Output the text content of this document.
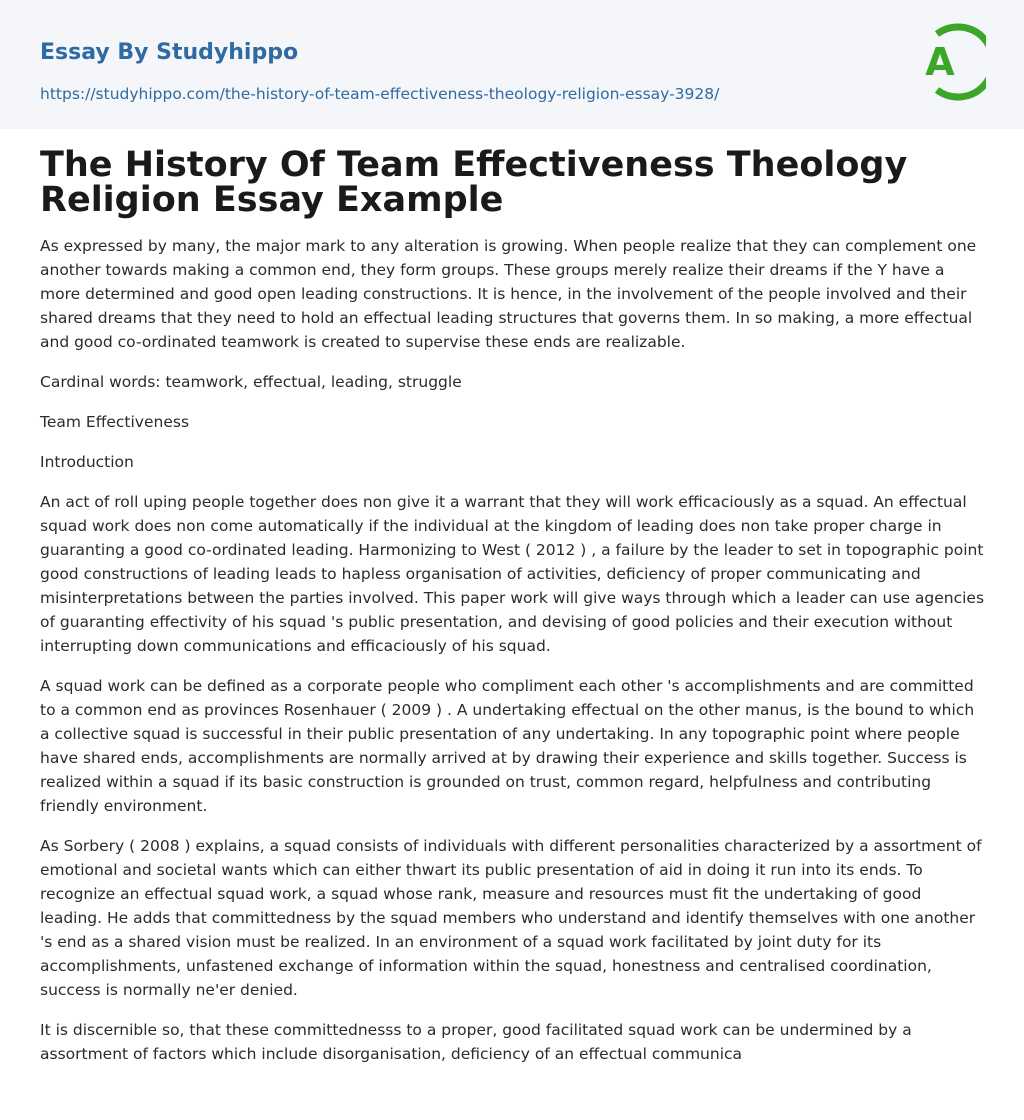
Essay By Studyhippo
https://studyhippo.com/the-history-of-team-effectiveness-theology-religion-essay-3928/
A
The History Of Team Effectiveness Theology Religion Essay Example

As expressed by many, the major mark to any alteration is growing. When people realize that they can complement one another towards making a common end, they form groups. These groups merely realize their dreams if the Y have a more determined and good open leading constructions. It is hence, in the involvement of the people involved and their shared dreams that they need to hold an effectual leading structures that governs them. In so making, a more effectual and good co-ordinated teamwork is created to supervise these ends are realizable.

Cardinal words: teamwork, effectual, leading, struggle

Team Effectiveness

Introduction

An act of roll uping people together does non give it a warrant that they will work efficaciously as a squad. An effectual squad work does non come automatically if the individual at the kingdom of leading does non take proper charge in guaranting a good co-ordinated leading. Harmonizing to West ( 2012 ) , a failure by the leader to set in topographic point good constructions of leading leads to hapless organisation of activities, deficiency of proper communicating and misinterpretations between the parties involved. This paper work will give ways through which a leader can use agencies of guaranting effectivity of his squad 's public presentation, and devising of good policies and their execution without interrupting down communications and efficaciously of his squad.

A squad work can be defined as a corporate people who compliment each other 's accomplishments and are committed to a common end as provinces Rosenhauer ( 2009 ) . A undertaking effectual on the other manus, is the bound to which a collective squad is successful in their public presentation of any undertaking. In any topographic point where people have shared ends, accomplishments are normally arrived at by drawing their experience and skills together. Success is realized within a squad if its basic construction is grounded on trust, common regard, helpfulness and contributing friendly environment.

As Sorbery ( 2008 ) explains, a squad consists of individuals with different personalities characterized by a assortment of emotional and societal wants which can either thwart its public presentation of aid in doing it run into its ends. To recognize an effectual squad work, a squad whose rank, measure and resources must fit the undertaking of good leading. He adds that committedness by the squad members who understand and identify themselves with one another 's end as a shared vision must be realized. In an environment of a squad work facilitated by joint duty for its accomplishments, unfastened exchange of information within the squad, honestness and centralised coordination, success is normally ne'er denied.

It is discernible so, that these committednesss to a proper, good facilitated squad work can be undermined by a assortment of factors which include disorganisation, deficiency of an effectual communica
